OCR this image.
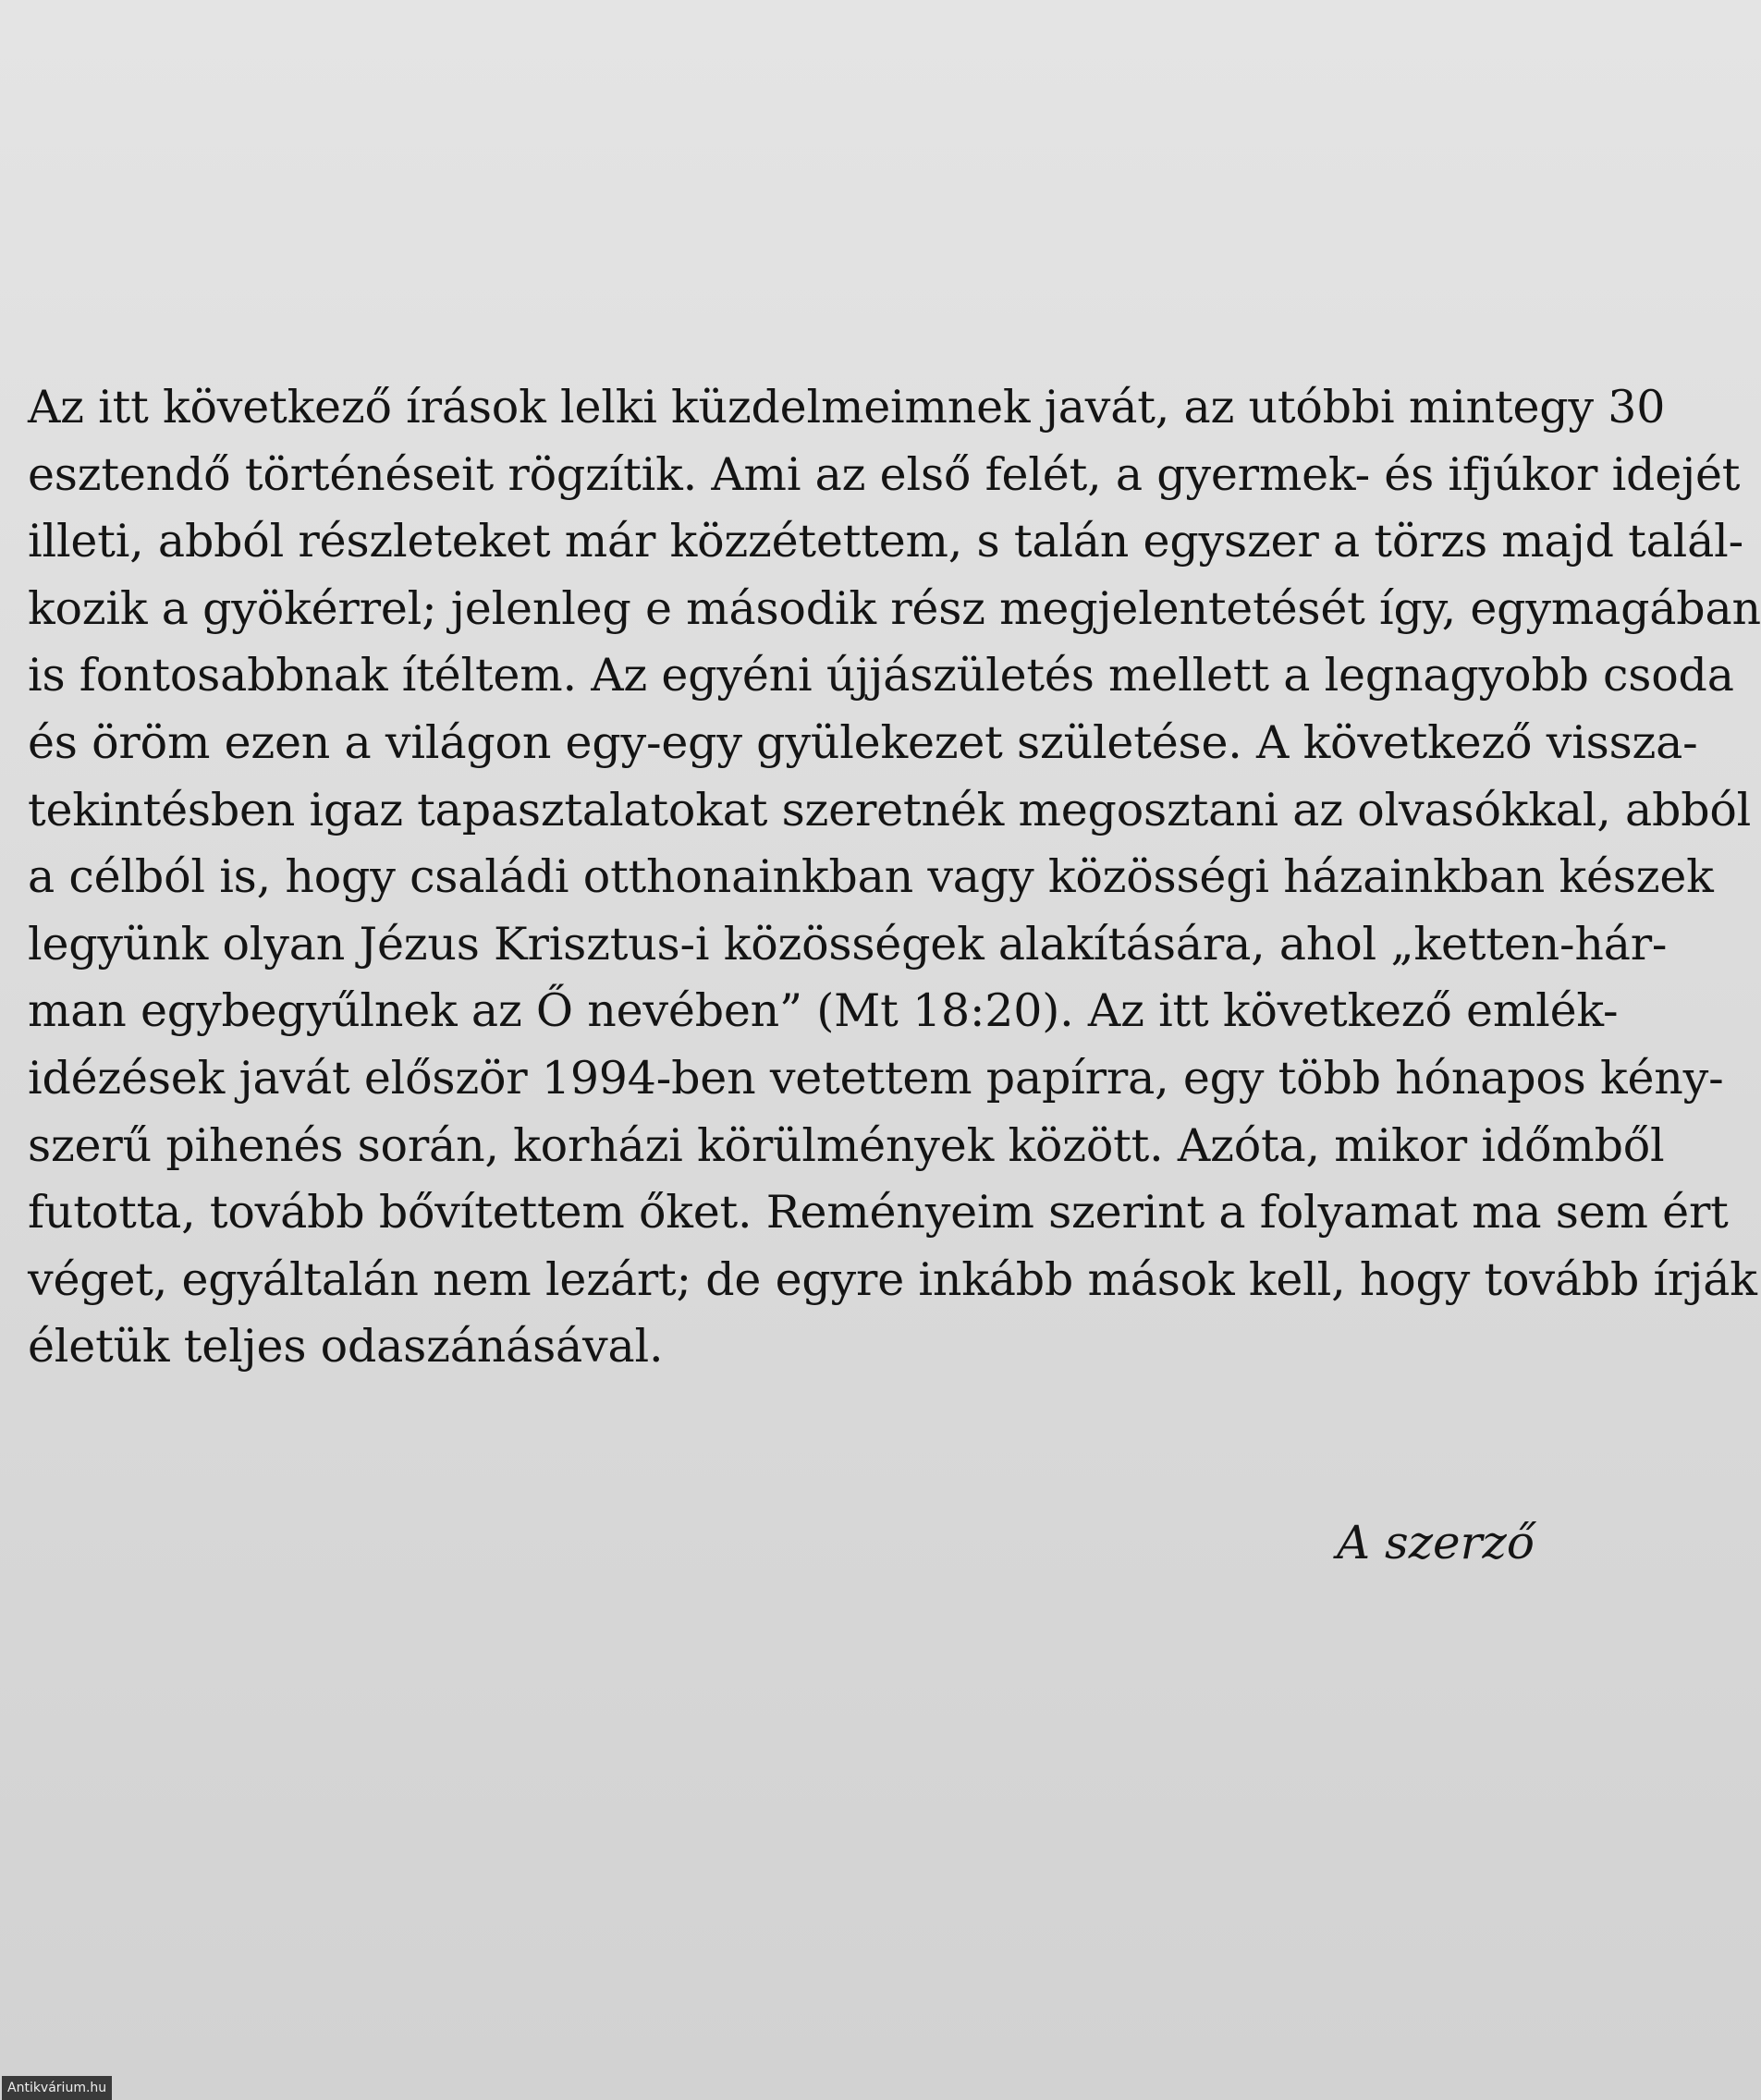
Az itt következő írások lelki küzdelmeimnek javát, az utóbbi mintegy 30
esztendő történéseit rögzítik. Ami az első felét, a gyermek- és ifjúkor idejét
illeti, abból részleteket már közzétettem, s talán egyszer a törzs majd talál-
kozik a gyökérrel; jelenleg e második rész megjelentetését így, egymagában
is fontosabbnak ítéltem. Az egyéni újjászületés mellett a legnagyobb csoda
és öröm ezen a világon egy-egy gyülekezet születése. A következő vissza-
tekintésben igaz tapasztalatokat szeretnék megosztani az olvasókkal, abból
a célból is, hogy családi otthonainkban vagy közösségi házainkban készek
legyünk olyan Jézus Krisztus-i közösségek alakítására, ahol „ketten-hár-
man egybegyűlnek az Ő nevében” (Mt 18:20). Az itt következő emlék-
idézések javát először 1994-ben vetettem papírra, egy több hónapos kény-
szerű pihenés során, korházi körülmények között. Azóta, mikor időmből
futotta, tovább bővítettem őket. Reményeim szerint a folyamat ma sem ért
véget, egyáltalán nem lezárt; de egyre inkább mások kell, hogy tovább írják
életük teljes odaszánásával.
A szerző
Antikvárium.hu
